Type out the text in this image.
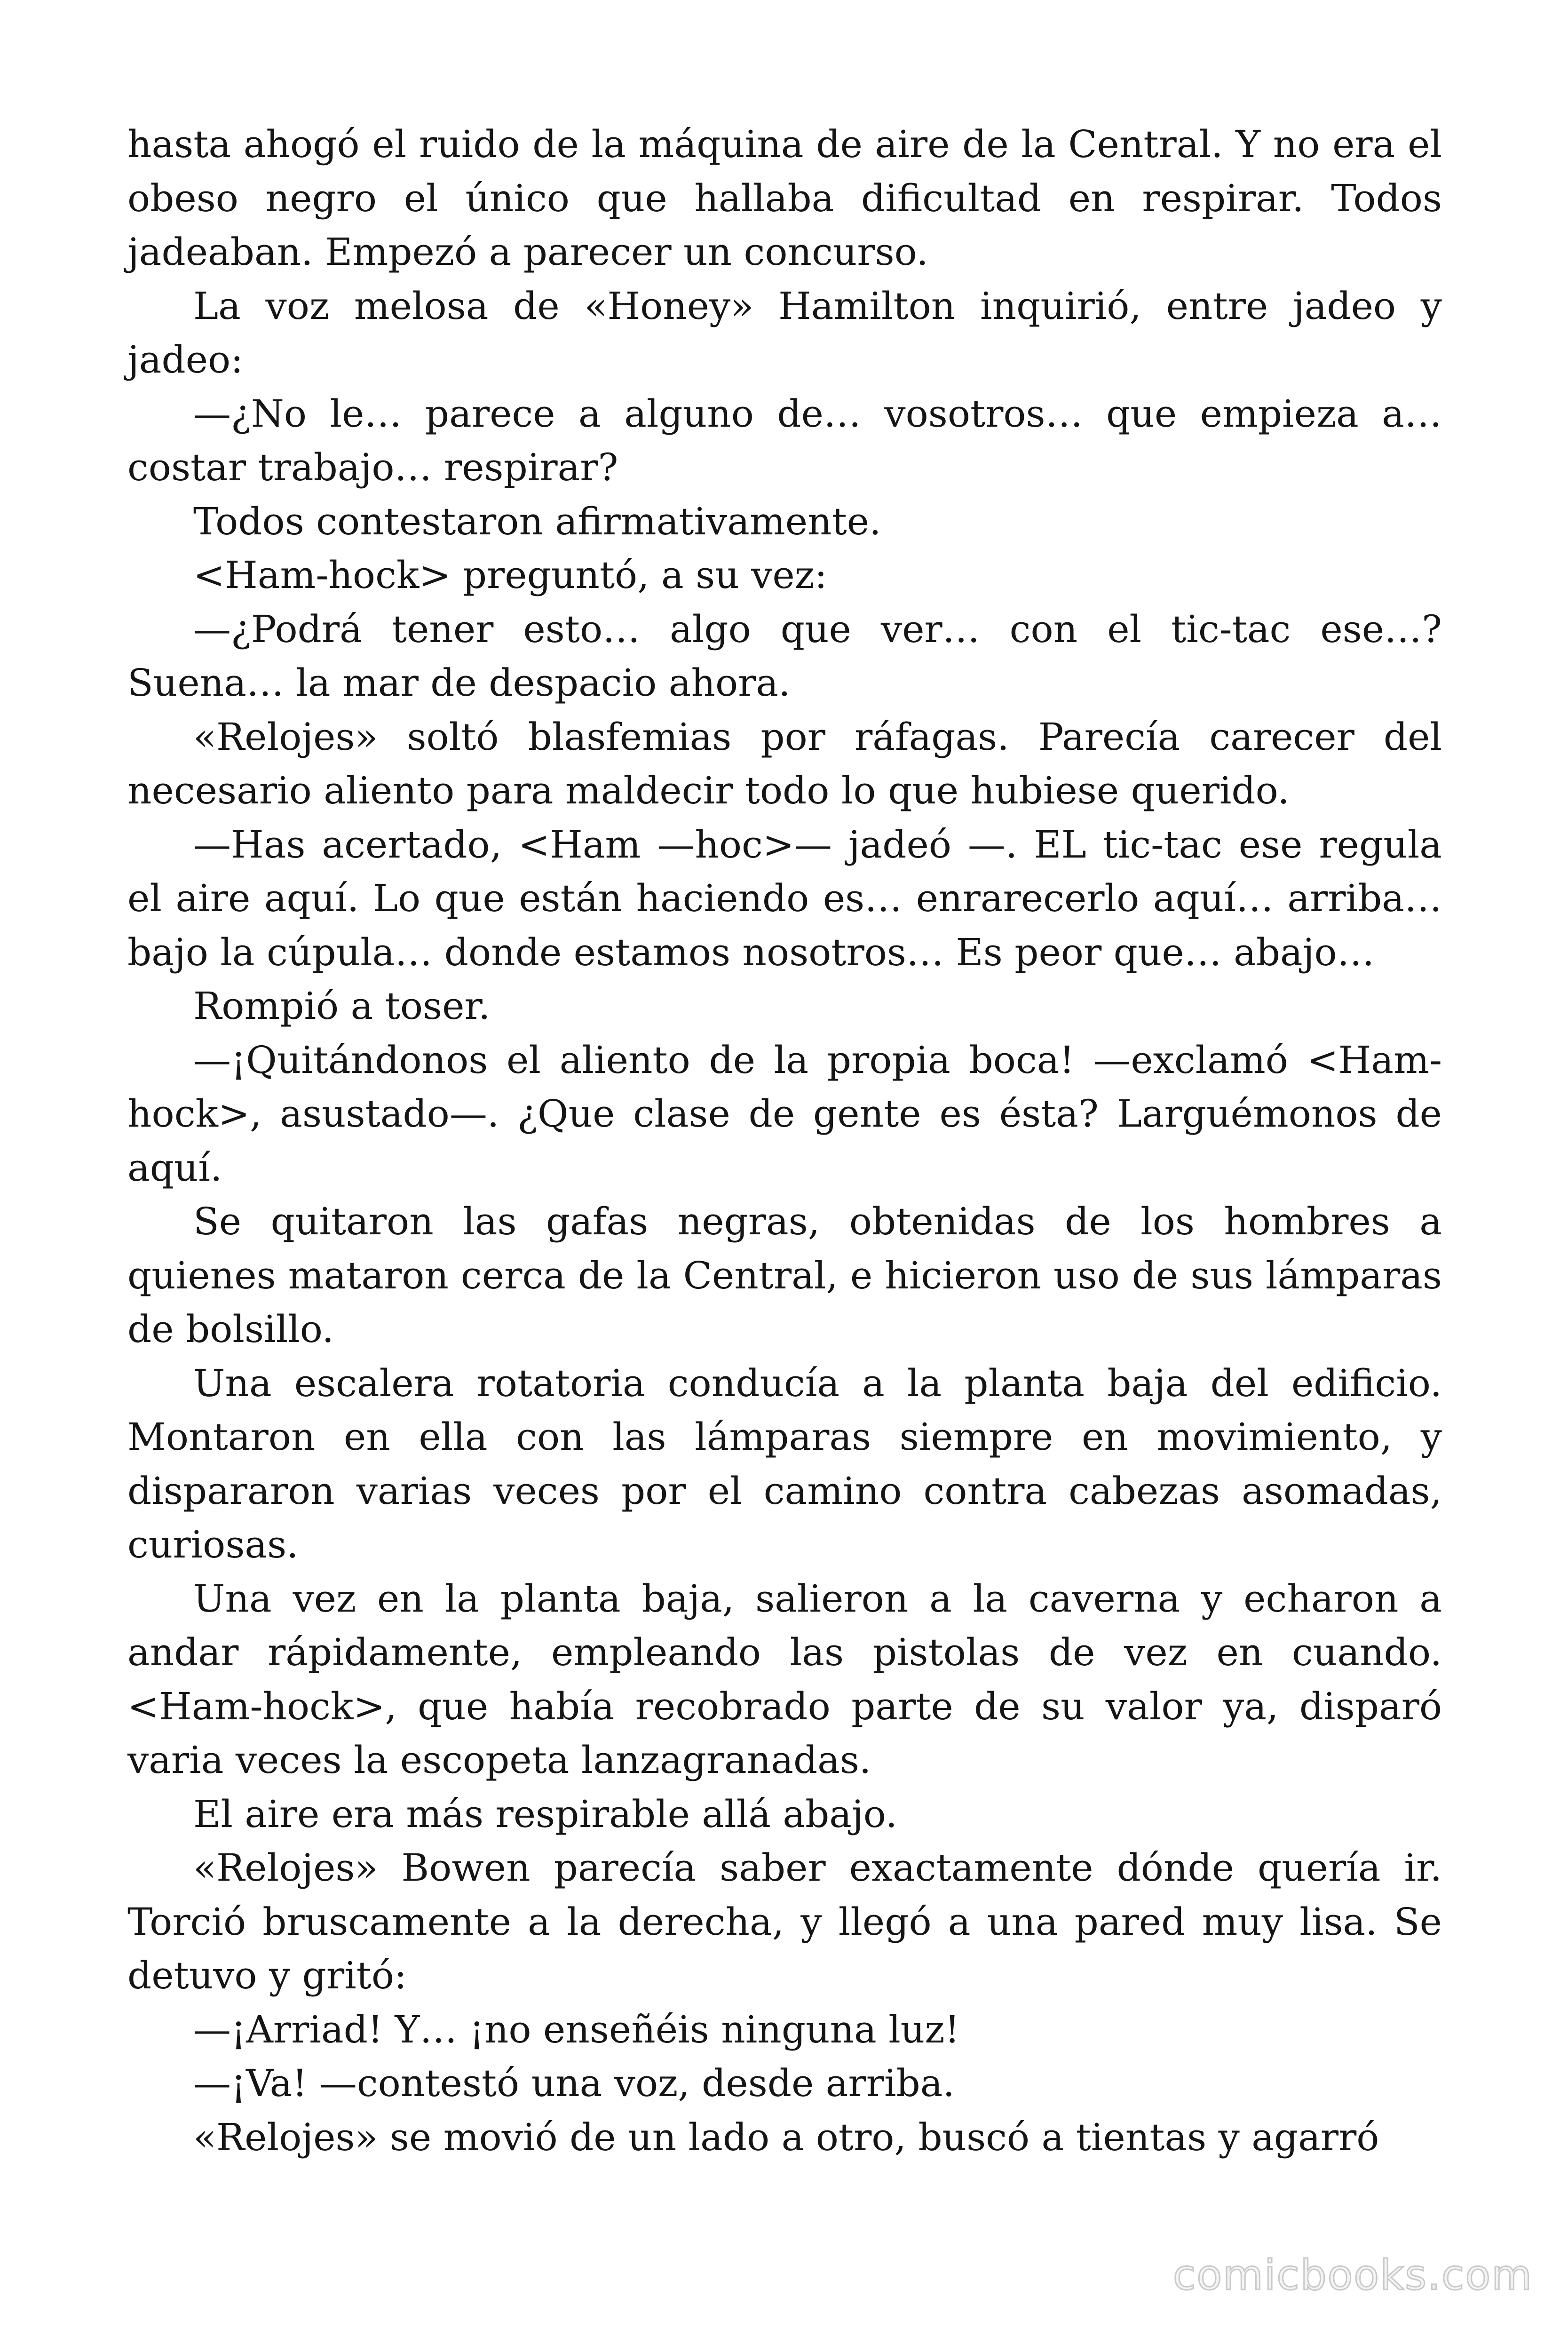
hasta ahogó el ruido de la máquina de aire de la Central. Y no era el obeso negro el único que hallaba dificultad en respirar. Todos jadeaban. Empezó a parecer un concurso.

La voz melosa de «Honey» Hamilton inquirió, entre jadeo y jadeo:

—¿No le… parece a alguno de… vosotros… que empieza a… costar trabajo… respirar?

Todos contestaron afirmativamente.

<Ham-hock> preguntó, a su vez:

—¿Podrá tener esto… algo que ver… con el tic-tac ese…? Suena… la mar de despacio ahora.

«Relojes» soltó blasfemias por ráfagas. Parecía carecer del necesario aliento para maldecir todo lo que hubiese querido.

—Has acertado, <Ham —hoc>— jadeó —. EL tic-tac ese regula el aire aquí. Lo que están haciendo es… enrarecerlo aquí… arriba… bajo la cúpula… donde estamos nosotros… Es peor que… abajo…

Rompió a toser.

—¡Quitándonos el aliento de la propia boca! —exclamó <Ham-hock>, asustado—. ¿Que clase de gente es ésta? Larguémonos de aquí.

Se quitaron las gafas negras, obtenidas de los hombres a quienes mataron cerca de la Central, e hicieron uso de sus lámparas de bolsillo.

Una escalera rotatoria conducía a la planta baja del edificio. Montaron en ella con las lámparas siempre en movimiento, y dispararon varias veces por el camino contra cabezas asomadas, curiosas.

Una vez en la planta baja, salieron a la caverna y echaron a andar rápidamente, empleando las pistolas de vez en cuando. <Ham-hock>, que había recobrado parte de su valor ya, disparó varia veces la escopeta lanzagranadas.

El aire era más respirable allá abajo.

«Relojes» Bowen parecía saber exactamente dónde quería ir. Torció bruscamente a la derecha, y llegó a una pared muy lisa. Se detuvo y gritó:

—¡Arriad! Y… ¡no enseñéis ninguna luz!

—¡Va! —contestó una voz, desde arriba.

«Relojes» se movió de un lado a otro, buscó a tientas y agarró

comicbooks.com
